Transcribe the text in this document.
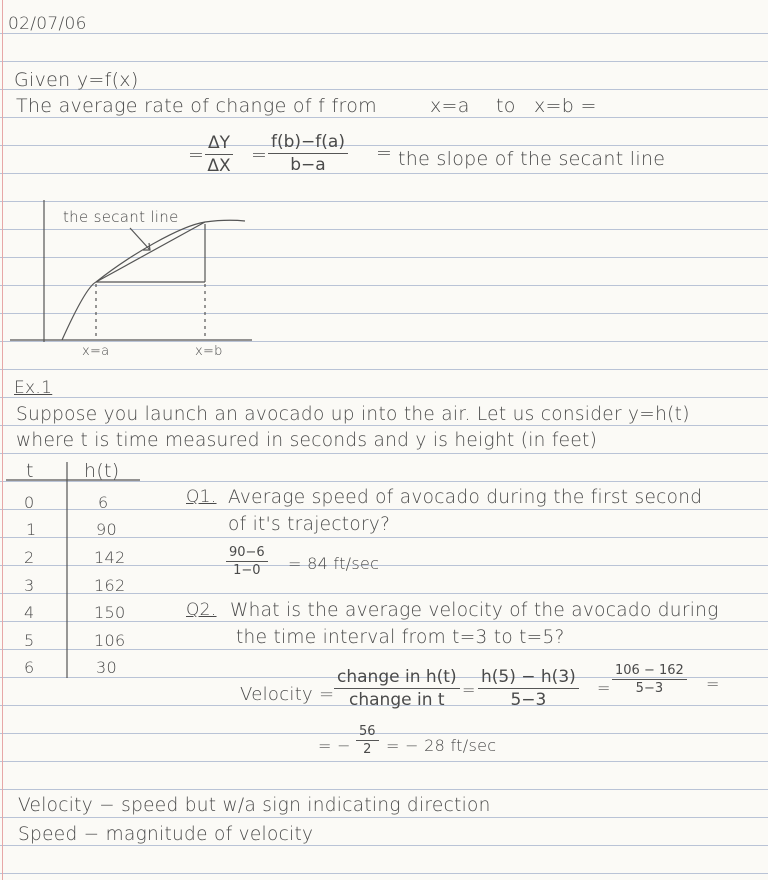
02/07/06
Given y=f(x)
The average rate of change of f from	x=a to x=b =
= $\frac{\Delta Y}{\Delta X} = \frac{f(b)-f(a)}{b-a}$ = the slope of the secant line
the secant line
x=a	x=b
Ex.1
Suppose you launch an avocado up into the air. Let us consider y=h(t)
where t is time measured in seconds and y is height (in feet)
t	h(t)
0	6
1	90
2	142
3	162
4	150
5	106
6	30
Q1. Average speed of avocado during the first second
of it's trajectory?
$\frac{90-6}{1-0} = 84$ ft/sec
Q2. What is the average velocity of the avocado during
the time interval from t=3 to t=5?
Velocity =
change in h(t)
change in t
= $\frac{h(5) - h(3)}{5-3} = \frac{106 - 162}{5-3}$ =
= − $\frac{56}{2}$ = − 28 ft/sec
Velocity − speed but w/a sign indicating direction
Speed − magnitude of velocity
